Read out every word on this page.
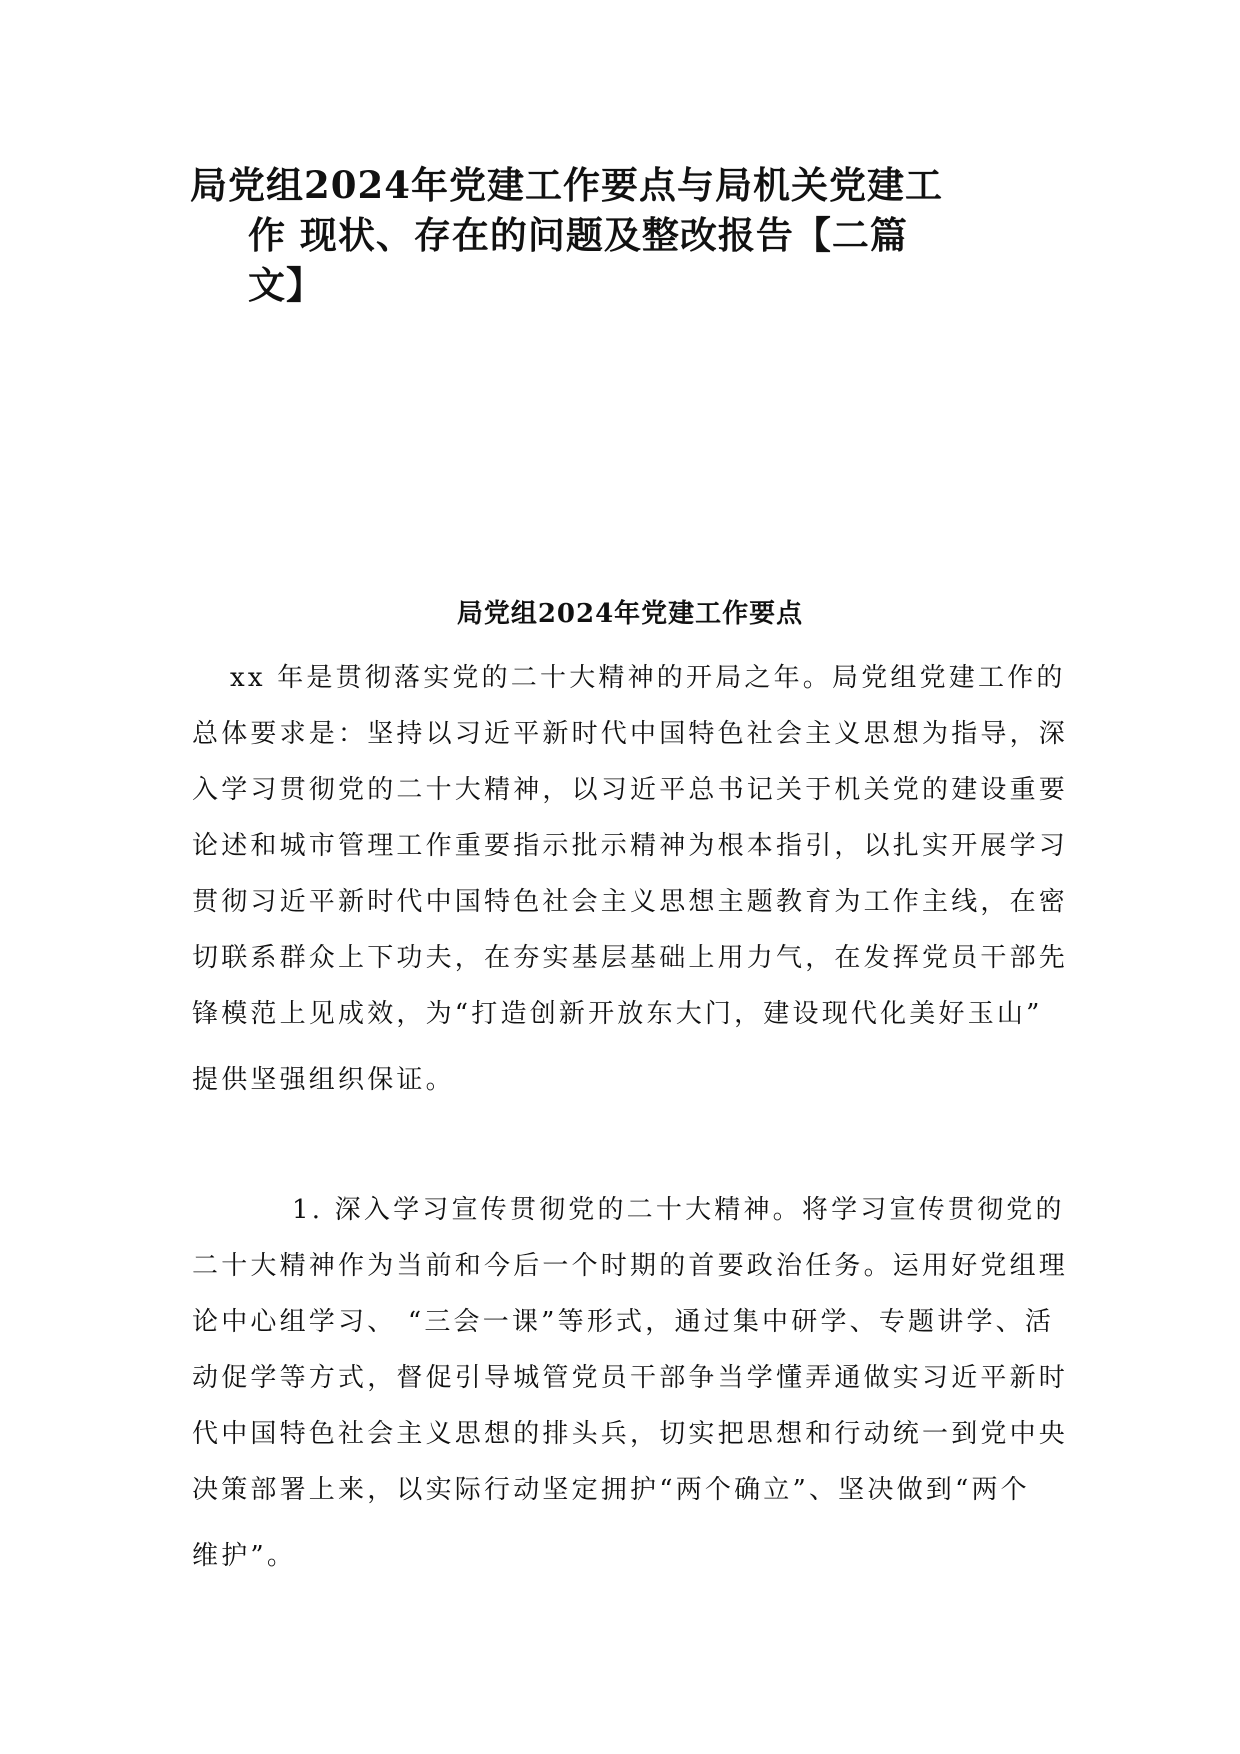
局党组2024年党建工作要点与局机关党建工
作 现状、存在的问题及整改报告【二篇
文】
局党组2024年党建工作要点
xx 年是贯彻落实党的二十大精神的开局之年。局党组党建工作的
总体要求是：坚持以习近平新时代中国特色社会主义思想为指导，深
入学习贯彻党的二十大精神，以习近平总书记关于机关党的建设重要
论述和城市管理工作重要指示批示精神为根本指引，以扎实开展学习
贯彻习近平新时代中国特色社会主义思想主题教育为工作主线，在密
切联系群众上下功夫，在夯实基层基础上用力气，在发挥党员干部先
锋模范上见成效，为“打造创新开放东大门，建设现代化美好玉山”
提供坚强组织保证。
1. 深入学习宣传贯彻党的二十大精神。将学习宣传贯彻党的
二十大精神作为当前和今后一个时期的首要政治任务。运用好党组理
论中心组学习、 “三会一课”等形式，通过集中研学、专题讲学、活
动促学等方式，督促引导城管党员干部争当学懂弄通做实习近平新时
代中国特色社会主义思想的排头兵，切实把思想和行动统一到党中央
决策部署上来，以实际行动坚定拥护“两个确立”、坚决做到“两个
维护”。
